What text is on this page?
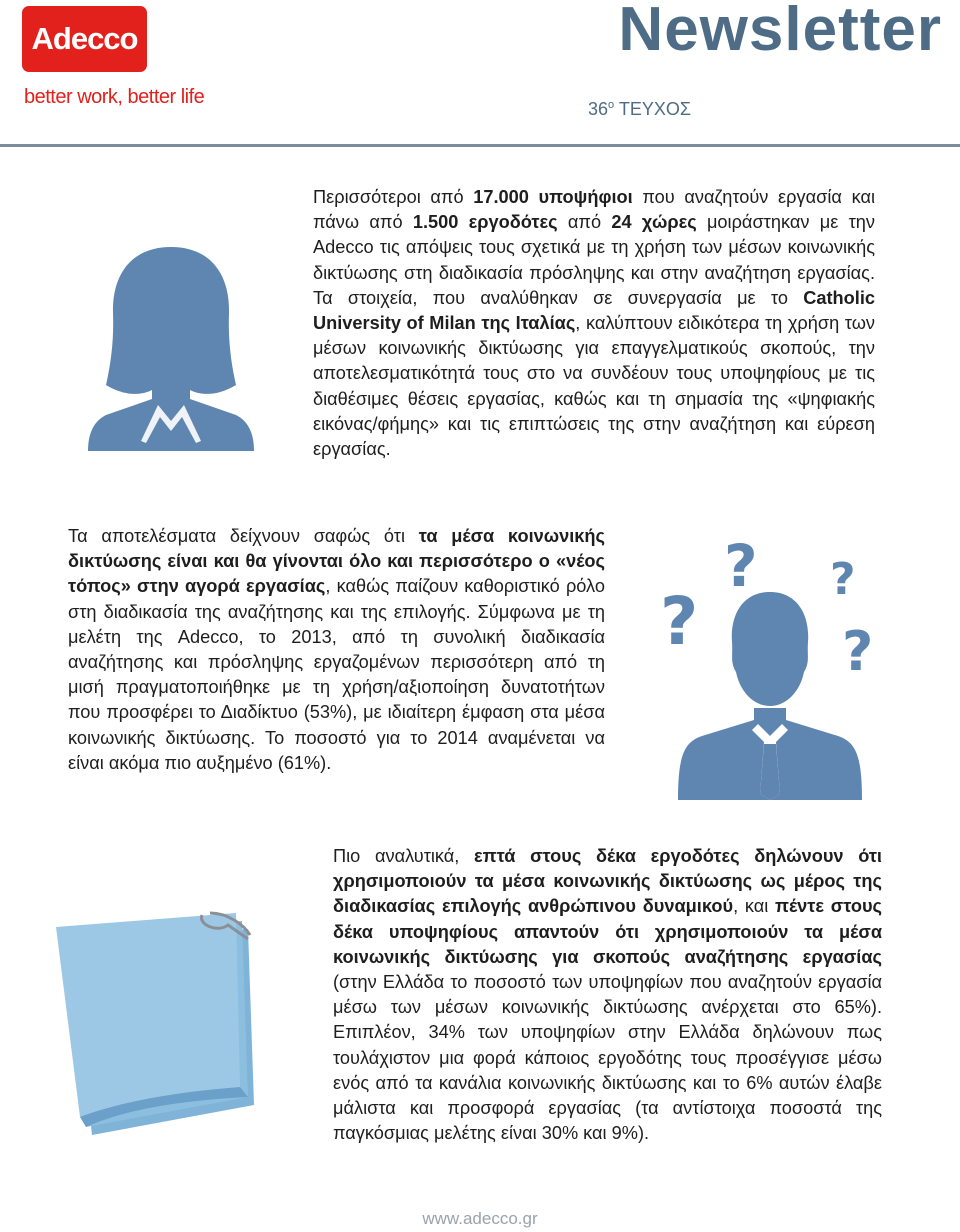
Adecco
better work, better life
Newsletter
$36^o$ ΤΕΥΧΟΣ
?
?
?
?

Περισσότεροι από 17.000 υποψήφιοι που αναζητούν εργασία και πάνω από 1.500 εργοδότες από 24 χώρες μοιράστηκαν με την Adecco τις απόψεις τους σχετικά με τη χρήση των μέσων κοινωνικής δικτύωσης στη διαδικασία πρόσληψης και στην αναζήτηση εργασίας. Τα στοιχεία, που αναλύθηκαν σε συνεργασία με το Catholic University of Milan της Ιταλίας, καλύπτουν ειδικότερα τη χρήση των μέσων κοινωνικής δικτύωσης για επαγγελματικούς σκοπούς, την αποτελεσματικότητά τους στο να συνδέουν τους υποψηφίους με τις διαθέσιμες θέσεις εργασίας, καθώς και τη σημασία της «ψηφιακής εικόνας/φήμης» και τις επιπτώσεις της στην αναζήτηση και εύρεση εργασίας.

Τα αποτελέσματα δείχνουν σαφώς ότι τα μέσα κοινωνικής δικτύωσης είναι και θα γίνονται όλο και περισσότερο ο «νέος τόπος» στην αγορά εργασίας, καθώς παίζουν καθοριστικό ρόλο στη διαδικασία της αναζήτησης και της επιλογής. Σύμφωνα με τη μελέτη της Adecco, το 2013, από τη συνολική διαδικασία αναζήτησης και πρόσληψης εργαζομένων περισσότερη από τη μισή πραγματοποιήθηκε με τη χρήση/αξιοποίηση δυνατοτήτων που προσφέρει το Διαδίκτυο (53%), με ιδιαίτερη έμφαση στα μέσα κοινωνικής δικτύωσης. Το ποσοστό για το 2014 αναμένεται να είναι ακόμα πιο αυξημένο (61%).

Πιο αναλυτικά, επτά στους δέκα εργοδότες δηλώνουν ότι χρησιμοποιούν τα μέσα κοινωνικής δικτύωσης ως μέρος της διαδικασίας επιλογής ανθρώπινου δυναμικού, και πέντε στους δέκα υποψηφίους απαντούν ότι χρησιμοποιούν τα μέσα κοινωνικής δικτύωσης για σκοπούς αναζήτησης εργασίας (στην Ελλάδα το ποσοστό των υποψηφίων που αναζητούν εργασία μέσω των μέσων κοινωνικής δικτύωσης ανέρχεται στο 65%). Επιπλέον, 34% των υποψηφίων στην Ελλάδα δηλώνουν πως τουλάχιστον μια φορά κάποιος εργοδότης τους προσέγγισε μέσω ενός από τα κανάλια κοινωνικής δικτύωσης και το 6% αυτών έλαβε μάλιστα και προσφορά εργασίας (τα αντίστοιχα ποσοστά της παγκόσμιας μελέτης είναι 30% και 9%).

www.adecco.gr
